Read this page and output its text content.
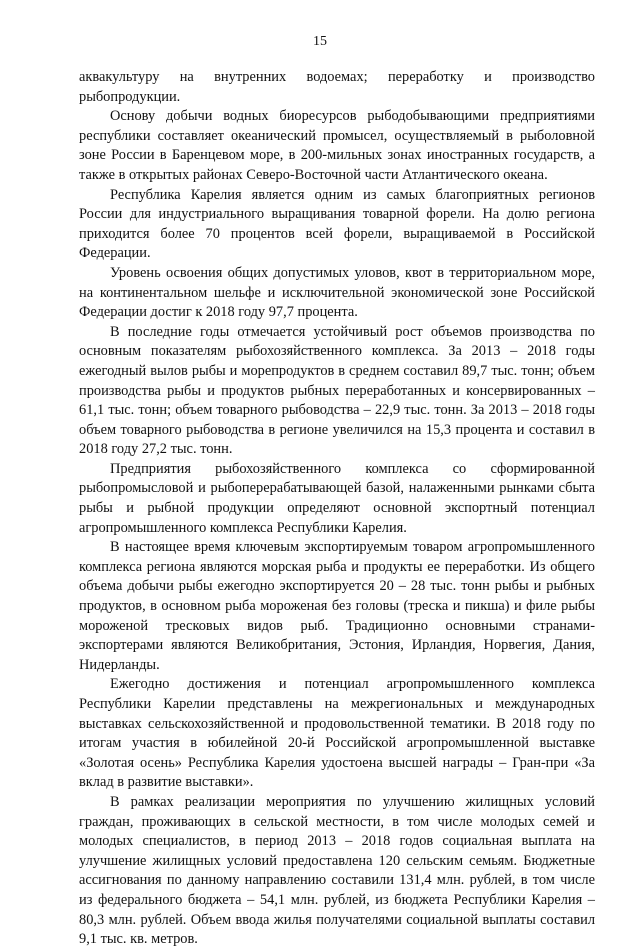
15

аквакультуру на внутренних водоемах; переработку и производство рыбопродукции.

Основу добычи водных биоресурсов рыбодобывающими предприятиями республики составляет океанический промысел, осуществляемый в рыболовной зоне России в Баренцевом море, в 200-мильных зонах иностранных государств, а также в открытых районах Северо-Восточной части Атлантического океана.

Республика Карелия является одним из самых благоприятных регионов России для индустриального выращивания товарной форели. На долю региона приходится более 70 процентов всей форели, выращиваемой в Российской Федерации.

Уровень освоения общих допустимых уловов, квот в территориальном море, на континентальном шельфе и исключительной экономической зоне Российской Федерации достиг к 2018 году 97,7 процента.

В последние годы отмечается устойчивый рост объемов производства по основным показателям рыбохозяйственного комплекса. За 2013 – 2018 годы ежегодный вылов рыбы и морепродуктов в среднем составил 89,7 тыс. тонн; объем производства рыбы и продуктов рыбных переработанных и консервированных – 61,1 тыс. тонн; объем товарного рыбоводства – 22,9 тыс. тонн. За 2013 – 2018 годы объем товарного рыбоводства в регионе увеличился на 15,3 процента и составил в 2018 году 27,2 тыс. тонн.

Предприятия рыбохозяйственного комплекса со сформированной рыбопромысловой и рыбоперерабатывающей базой, налаженными рынками сбыта рыбы и рыбной продукции определяют основной экспортный потенциал агропромышленного комплекса Республики Карелия.

В настоящее время ключевым экспортируемым товаром агропромышленного комплекса региона являются морская рыба и продукты ее переработки. Из общего объема добычи рыбы ежегодно экспортируется 20 – 28 тыс. тонн рыбы и рыбных продуктов, в основном рыба мороженая без головы (треска и пикша) и филе рыбы мороженой тресковых видов рыб. Традиционно основными странами-экспортерами являются Великобритания, Эстония, Ирландия, Норвегия, Дания, Нидерланды.

Ежегодно достижения и потенциал агропромышленного комплекса Республики Карелии представлены на межрегиональных и международных выставках сельскохозяйственной и продовольственной тематики. В 2018 году по итогам участия в юбилейной 20-й Российской агропромышленной выставке «Золотая осень» Республика Карелия удостоена высшей награды – Гран-при «За вклад в развитие выставки».

В рамках реализации мероприятия по улучшению жилищных условий граждан, проживающих в сельской местности, в том числе молодых семей и молодых специалистов, в период 2013 – 2018 годов социальная выплата на улучшение жилищных условий предоставлена 120 сельским семьям. Бюджетные ассигнования по данному направлению составили 131,4 млн. рублей, в том числе из федерального бюджета – 54,1 млн. рублей, из бюджета Республики Карелия – 80,3 млн. рублей. Объем ввода жилья получателями социальной выплаты составил 9,1 тыс. кв. метров.
